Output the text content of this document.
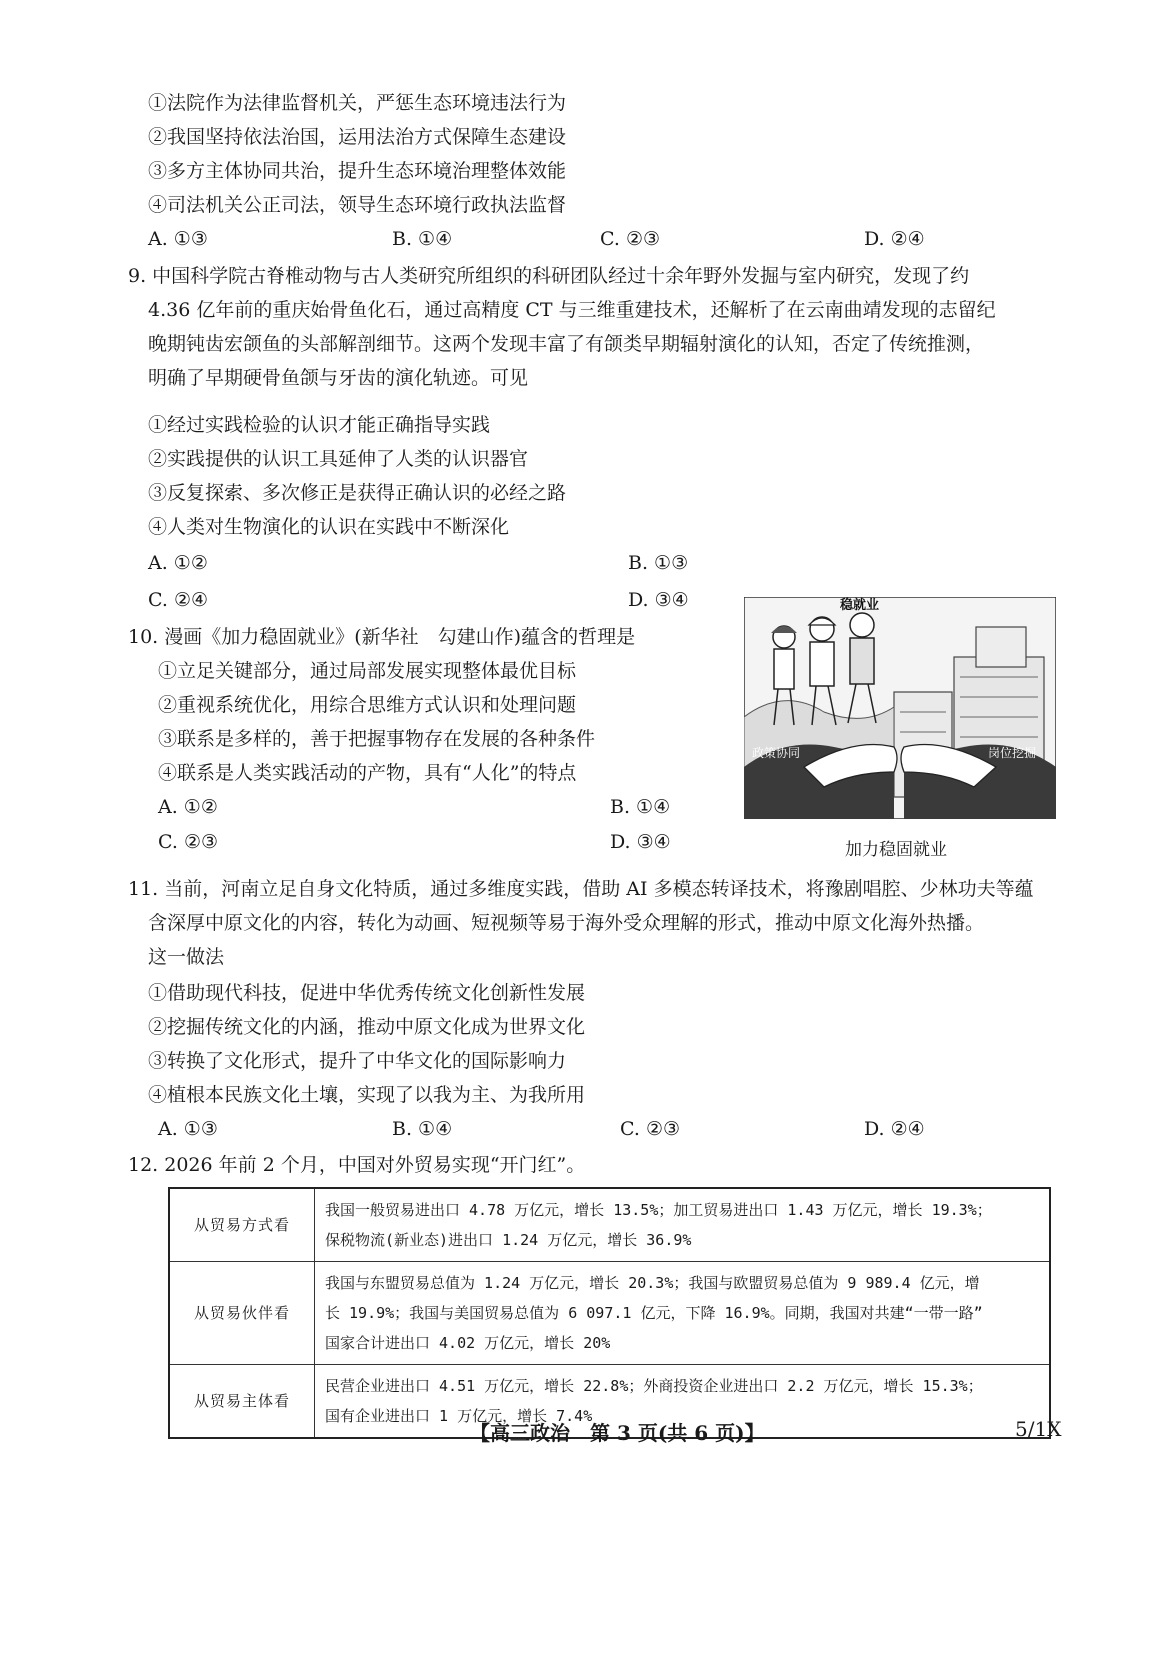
①法院作为法律监督机关，严惩生态环境违法行为
②我国坚持依法治国，运用法治方式保障生态建设
③多方主体协同共治，提升生态环境治理整体效能
④司法机关公正司法，领导生态环境行政执法监督
A. ①③	B. ①④	C. ②③	D. ②④
9. 中国科学院古脊椎动物与古人类研究所组织的科研团队经过十余年野外发掘与室内研究，发现了约
4.36 亿年前的重庆始骨鱼化石，通过高精度 CT 与三维重建技术，还解析了在云南曲靖发现的志留纪
晚期钝齿宏颌鱼的头部解剖细节。这两个发现丰富了有颌类早期辐射演化的认知，否定了传统推测，
明确了早期硬骨鱼颌与牙齿的演化轨迹。可见
①经过实践检验的认识才能正确指导实践
②实践提供的认识工具延伸了人类的认识器官
③反复探索、多次修正是获得正确认识的必经之路
④人类对生物演化的认识在实践中不断深化
A. ①②	B. ①③
C. ②④	D. ③④
10. 漫画《加力稳固就业》(新华社　勾建山作)蕴含的哲理是
①立足关键部分，通过局部发展实现整体最优目标
②重视系统优化，用综合思维方式认识和处理问题
③联系是多样的，善于把握事物存在发展的各种条件
④联系是人类实践活动的产物，具有“人化”的特点
A. ①②	B. ①④
C. ②③	D. ③④
稳就业
政策协同	岗位挖掘
加力稳固就业
11. 当前，河南立足自身文化特质，通过多维度实践，借助 AI 多模态转译技术，将豫剧唱腔、少林功夫等蕴
含深厚中原文化的内容，转化为动画、短视频等易于海外受众理解的形式，推动中原文化海外热播。
这一做法
①借助现代科技，促进中华优秀传统文化创新性发展
②挖掘传统文化的内涵，推动中原文化成为世界文化
③转换了文化形式，提升了中华文化的国际影响力
④植根本民族文化土壤，实现了以我为主、为我所用
A. ①③	B. ①④	C. ②③	D. ②④
12. 2026 年前 2 个月，中国对外贸易实现“开门红”。
从贸易方式看	我国一般贸易进出口 4.78 万亿元，增长 13.5%；加工贸易进出口 1.43 万亿元，增长 19.3%；
保税物流(新业态)进出口 1.24 万亿元，增长 36.9%

从贸易伙伴看	我国与东盟贸易总值为 1.24 万亿元，增长 20.3%；我国与欧盟贸易总值为 9 989.4 亿元，增
长 19.9%；我国与美国贸易总值为 6 097.1 亿元，下降 16.9%。同期，我国对共建“一带一路”
国家合计进出口 4.02 万亿元，增长 20%

从贸易主体看	民营企业进出口 4.51 万亿元，增长 22.8%；外商投资企业进出口 2.2 万亿元，增长 15.3%；
国有企业进出口 1 万亿元，增长 7.4%
【高三政治　第 3 页(共 6 页)】	5/1X
